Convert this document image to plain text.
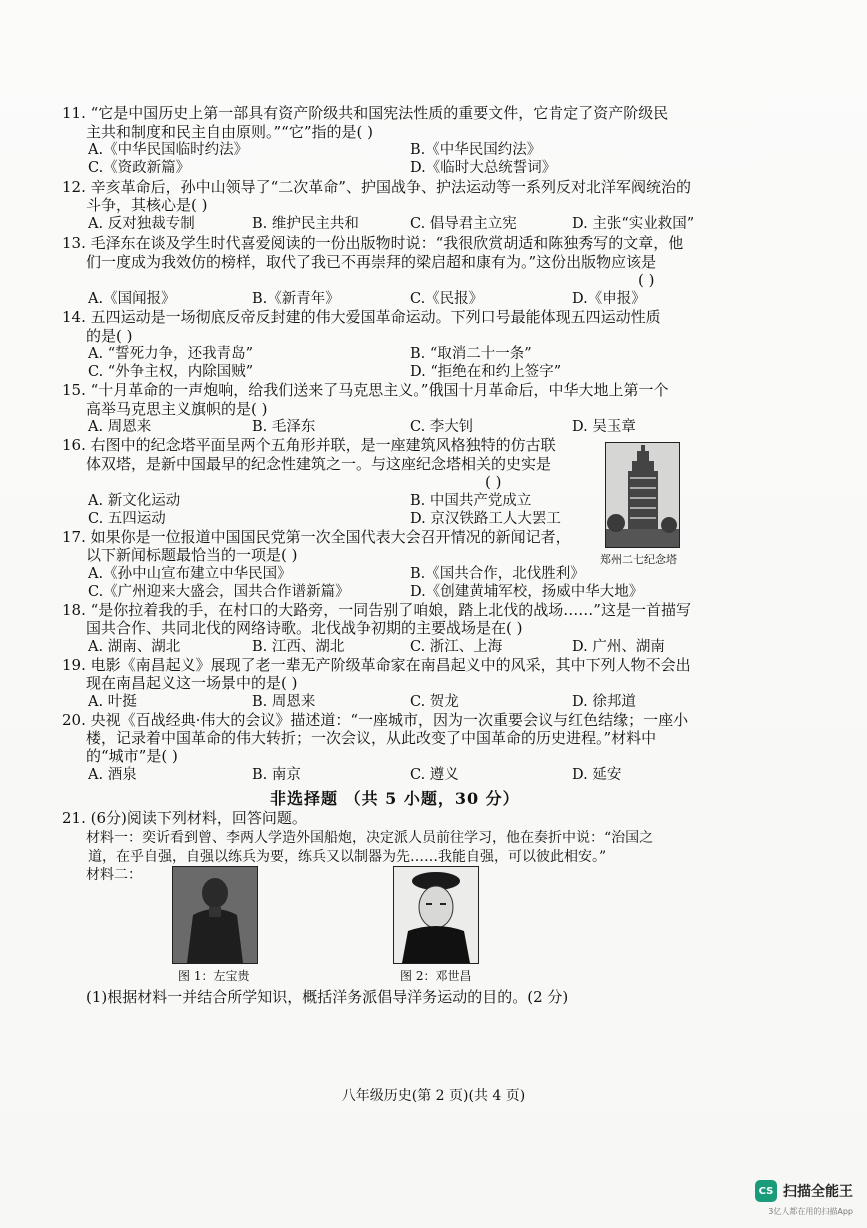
11. “它是中国历史上第一部具有资产阶级共和国宪法性质的重要文件，它肯定了资产阶级民
主共和制度和民主自由原则。”“它”指的是( )
A.《中华民国临时约法》	B.《中华民国约法》
C.《资政新篇》	D.《临时大总统誓词》
12. 辛亥革命后，孙中山领导了“二次革命”、护国战争、护法运动等一系列反对北洋军阀统治的
斗争，其核心是( )
A. 反对独裁专制	B. 维护民主共和	C. 倡导君主立宪	D. 主张“实业救国”
13. 毛泽东在谈及学生时代喜爱阅读的一份出版物时说：“我很欣赏胡适和陈独秀写的文章，他
们一度成为我效仿的榜样，取代了我已不再崇拜的梁启超和康有为。”这份出版物应该是
( )
A.《国闻报》	B.《新青年》	C.《民报》	D.《申报》
14. 五四运动是一场彻底反帝反封建的伟大爱国革命运动。下列口号最能体现五四运动性质
的是( )
A. “誓死力争，还我青岛”	B. “取消二十一条”
C. “外争主权，内除国贼”	D. “拒绝在和约上签字”
15. “十月革命的一声炮响，给我们送来了马克思主义。”俄国十月革命后，中华大地上第一个
高举马克思主义旗帜的是( )
A. 周恩来	B. 毛泽东	C. 李大钊	D. 吴玉章
16. 右图中的纪念塔平面呈两个五角形并联，是一座建筑风格独特的仿古联
体双塔，是新中国最早的纪念性建筑之一。与这座纪念塔相关的史实是
( )
A. 新文化运动	B. 中国共产党成立
C. 五四运动	D. 京汉铁路工人大罢工
郑州二七纪念塔
17. 如果你是一位报道中国国民党第一次全国代表大会召开情况的新闻记者，
以下新闻标题最恰当的一项是( )
A.《孙中山宣布建立中华民国》	B.《国共合作，北伐胜利》
C.《广州迎来大盛会，国共合作谱新篇》	D.《创建黄埔军校，扬威中华大地》
18. “是你拉着我的手，在村口的大路旁，一同告别了咱娘，踏上北伐的战场……”这是一首描写
国共合作、共同北伐的网络诗歌。北伐战争初期的主要战场是在( )
A. 湖南、湖北	B. 江西、湖北	C. 浙江、上海	D. 广州、湖南
19. 电影《南昌起义》展现了老一辈无产阶级革命家在南昌起义中的风采，其中下列人物不会出
现在南昌起义这一场景中的是( )
A. 叶挺	B. 周恩来	C. 贺龙	D. 徐邦道
20. 央视《百战经典·伟大的会议》描述道：“一座城市，因为一次重要会议与红色结缘；一座小
楼，记录着中国革命的伟大转折；一次会议，从此改变了中国革命的历史进程。”材料中
的“城市”是( )
A. 酒泉	B. 南京	C. 遵义	D. 延安
非选择题 （共 5 小题，30 分）
21. (6分)阅读下列材料，回答问题。
材料一：奕䜣看到曾、李两人学造外国船炮，决定派人员前往学习，他在奏折中说：“治国之
道，在乎自强，自强以练兵为要，练兵又以制器为先……我能自强，可以彼此相安。”
材料二：
图 1：左宝贵	图 2：邓世昌
(1)根据材料一并结合所学知识，概括洋务派倡导洋务运动的目的。(2 分)
八年级历史(第 2 页)(共 4 页)
CS 扫描全能王
3亿人都在用的扫描App
